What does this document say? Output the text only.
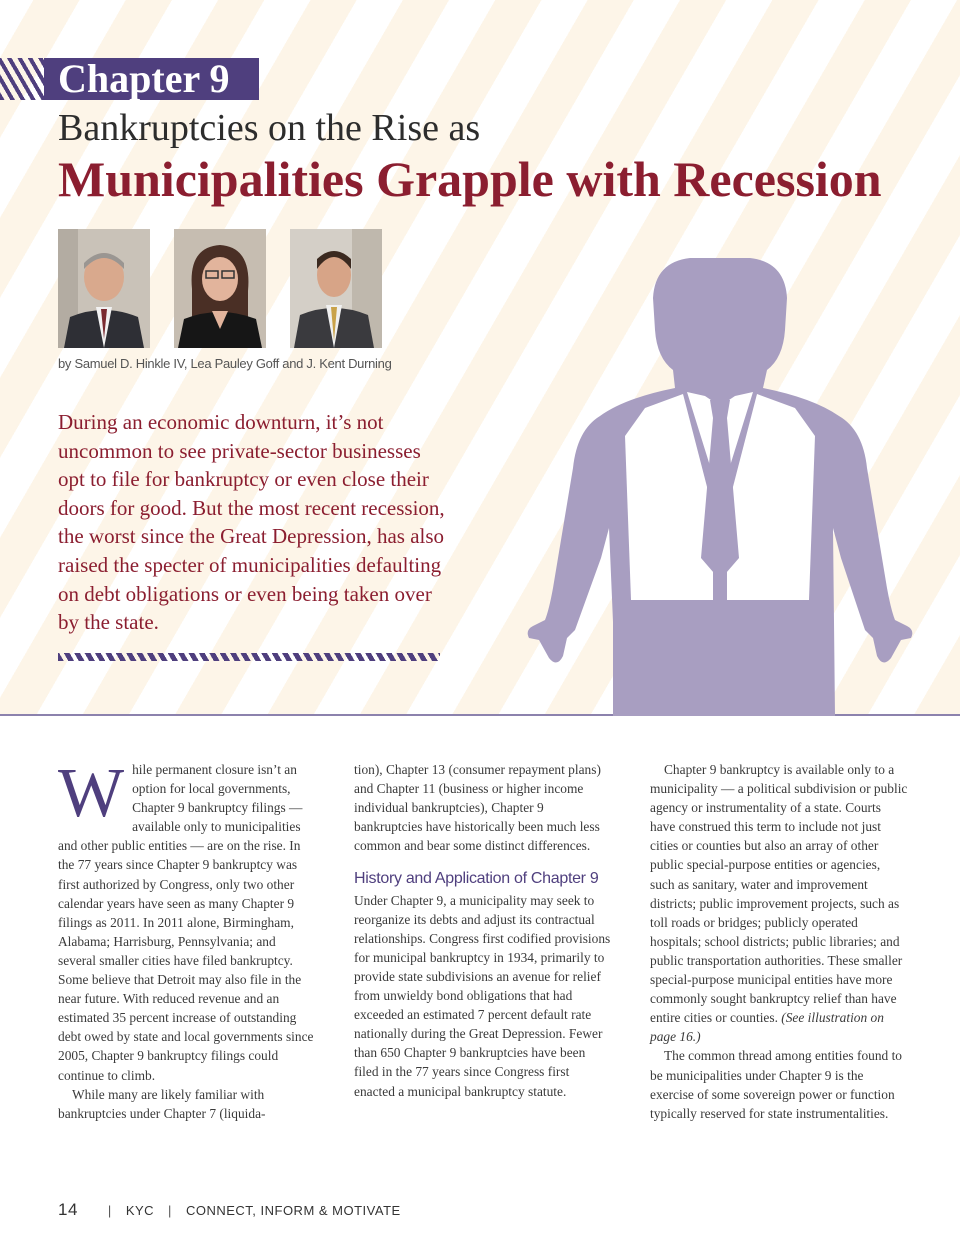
Chapter 9
Bankruptcies on the Rise as
Municipalities Grapple with Recession
by Samuel D. Hinkle IV, Lea Pauley Goff and J. Kent Durning
During an economic downturn, it’s not uncommon to see private-sector businesses opt to file for bankruptcy or even close their doors for good. But the most recent recession, the worst since the Great Depression, has also raised the specter of municipalities defaulting on debt obligations or even being taken over by the state.

While permanent closure isn’t an option for local governments, Chapter 9 bankruptcy filings — available only to municipalities and other public entities — are on the rise. In the 77 years since Chapter 9 bankruptcy was first authorized by Congress, only two other calendar years have seen as many Chapter 9 filings as 2011. In 2011 alone, Birmingham, Alabama; Harrisburg, Pennsylvania; and several smaller cities have filed bankruptcy. Some believe that Detroit may also file in the near future. With reduced revenue and an estimated 35 percent increase of outstanding debt owed by state and local governments since 2005, Chapter 9 bankruptcy filings could continue to climb.

While many are likely familiar with bankruptcies under Chapter 7 (liquida-

tion), Chapter 13 (consumer repayment plans) and Chapter 11 (business or higher income individual bankruptcies), Chapter 9 bankruptcies have historically been much less common and bear some distinct differences.

History and Application of Chapter 9

Under Chapter 9, a municipality may seek to reorganize its debts and adjust its contractual relationships. Congress first codified provisions for municipal bankruptcy in 1934, primarily to provide state subdivisions an avenue for relief from unwieldy bond obligations that had exceeded an estimated 7 percent default rate nationally during the Great Depression. Fewer than 650 Chapter 9 bankruptcies have been filed in the 77 years since Congress first enacted a municipal bankruptcy statute.

Chapter 9 bankruptcy is available only to a municipality — a political subdivision or public agency or instrumentality of a state. Courts have construed this term to include not just cities or counties but also an array of other public special-purpose entities or agencies, such as sanitary, water and improvement districts; public improvement projects, such as toll roads or bridges; publicly operated hospitals; school districts; public libraries; and public transportation authorities. These smaller special-purpose municipal entities have more commonly sought bankruptcy relief than have entire cities or counties. (See illustration on page 16.)

The common thread among entities found to be municipalities under Chapter 9 is the exercise of some sovereign power or function typically reserved for state instrumentalities.

14 | KYC | CONNECT, INFORM & MOTIVATE
